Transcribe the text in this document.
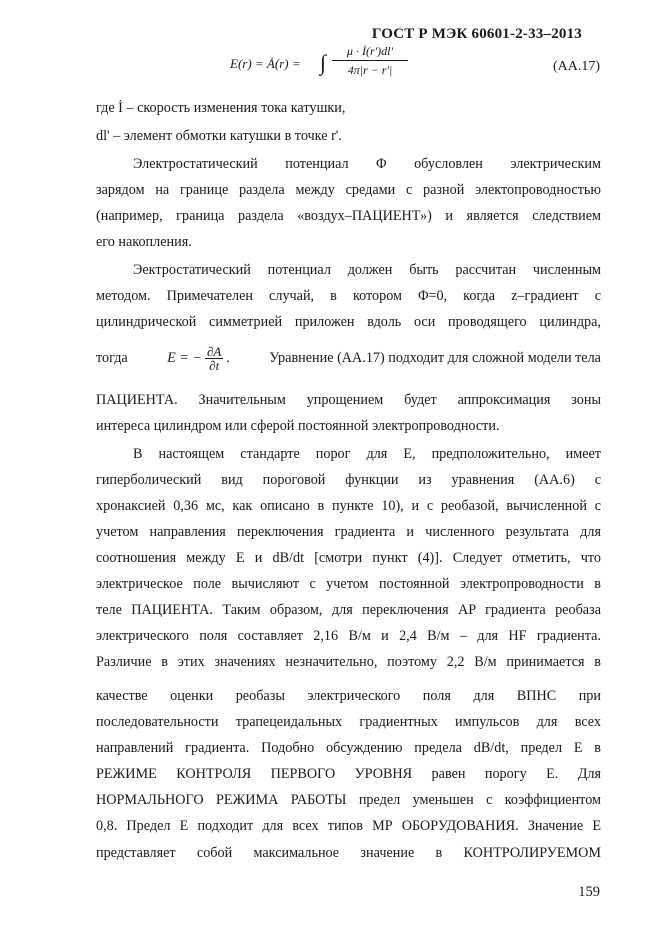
ГОСТ Р МЭК 60601-2-33–2013
E(r) = Ȧ(r) = ∫ $\frac{\mu \cdot İ(r')dl'}{4\pi|r - r'|}$	(АА.17)
где İ – скорость изменения тока катушки,
dl' – элемент обмотки катушки в точке r'.
Электростатический потенциал Φ обусловлен электрическим
зарядом на границе раздела между средами с разной электопроводностью
(например, граница раздела «воздух–ПАЦИЕНТ») и является следствием
его накопления.
Эектростатический потенциал должен быть рассчитан численным
методом. Примечателен случай, в котором Φ=0, когда z–градиент с
цилиндрической симметрией приложен вдоль оси проводящего цилиндра,
тогда	E = − $\frac{\partial A}{\partial t}$ .	Уравнение (АА.17) подходит для сложной модели тела
ПАЦИЕНТА. Значительным упрощением будет аппроксимация зоны
интереса цилиндром или сферой постоянной электропроводности.
В настоящем стандарте порог для E, предположительно, имеет
гиперболический вид пороговой функции из уравнения (АА.6) с
хронаксией 0,36 мс, как описано в пункте 10), и с реобазой, вычисленной с
учетом направления переключения градиента и численного результата для
соотношения между E и dB/dt [смотри пункт (4)]. Следует отметить, что
электрическое поле вычисляют с учетом постоянной электропроводности в
теле ПАЦИЕНТА. Таким образом, для переключения AP градиента реобаза
электрического поля составляет 2,16 В/м и 2,4 В/м – для HF градиента.
Различие в этих значениях незначительно, поэтому 2,2 В/м принимается в
качестве оценки реобазы электрического поля для ВПНС при
последовательности трапецеидальных градиентных импульсов для всех
направлений градиента. Подобно обсуждению предела dB/dt, предел E в
РЕЖИМЕ КОНТРОЛЯ ПЕРВОГО УРОВНЯ равен порогу E. Для
НОРМАЛЬНОГО РЕЖИМА РАБОТЫ предел уменьшен с коэффициентом
0,8. Предел E подходит для всех типов МР ОБОРУДОВАНИЯ. Значение E
представляет собой максимальное значение в КОНТРОЛИРУЕМОМ
159
